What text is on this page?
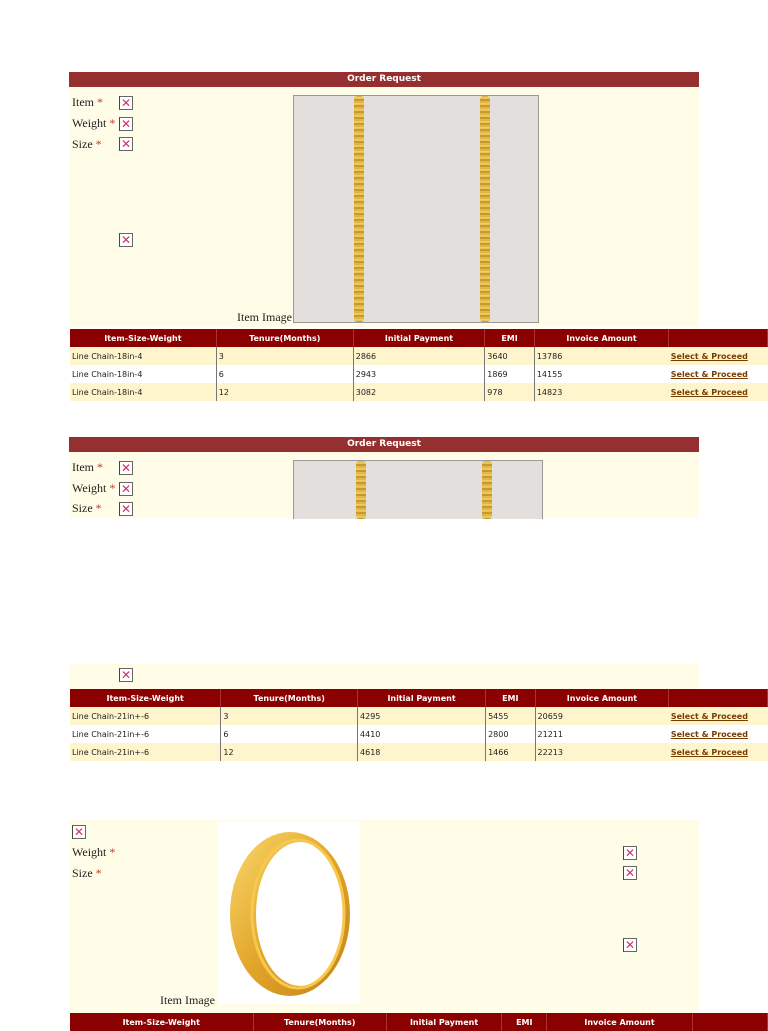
Order Request
Item *
Weight *
Size *
✕
✕
✕
✕
Item Image
Item-Size-Weight	Tenure(Months)	Initial Payment	EMI	Invoice Amount	
Line Chain-18in-4	3	2866	3640	13786	Select & Proceed
Line Chain-18in-4	6	2943	1869	14155	Select & Proceed
Line Chain-18in-4	12	3082	978	14823	Select & Proceed
Order Request
Item *
Weight *
Size *
✕
✕
✕
✕
Item-Size-Weight	Tenure(Months)	Initial Payment	EMI	Invoice Amount	
Line Chain-21in+-6	3	4295	5455	20659	Select & Proceed
Line Chain-21in+-6	6	4410	2800	21211	Select & Proceed
Line Chain-21in+-6	12	4618	1466	22213	Select & Proceed
✕
Weight *
Size *
Item Image
✕
✕
✕
Item-Size-Weight	Tenure(Months)	Initial Payment	EMI	Invoice Amount	
